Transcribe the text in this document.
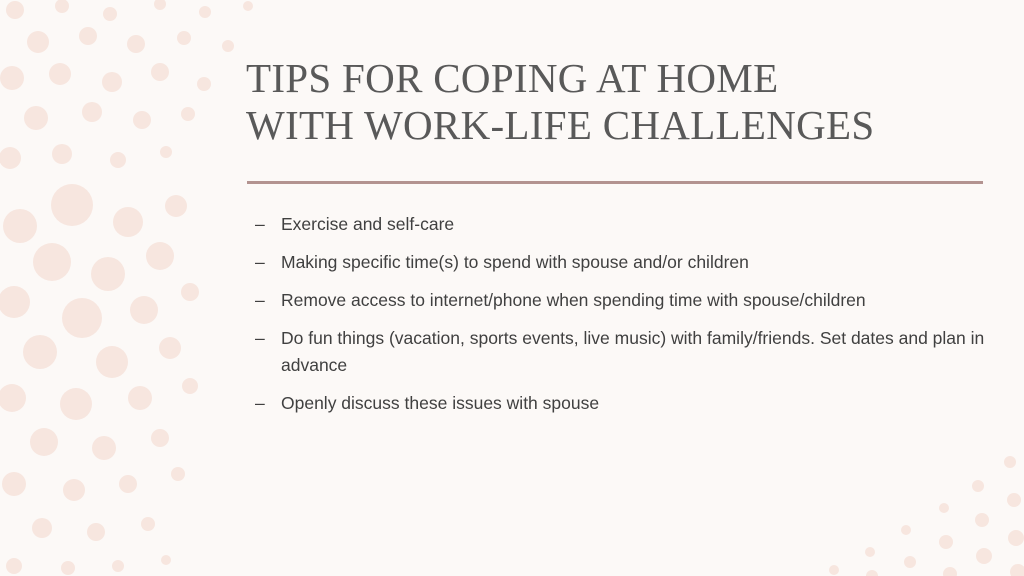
TIPS FOR COPING AT HOME
WITH WORK-LIFE CHALLENGES
– Exercise and self-care
– Making specific time(s) to spend with spouse and/or children
– Remove access to internet/phone when spending time with spouse/children
– Do fun things (vacation, sports events, live music) with family/friends. Set dates and plan in advance
– Openly discuss these issues with spouse
